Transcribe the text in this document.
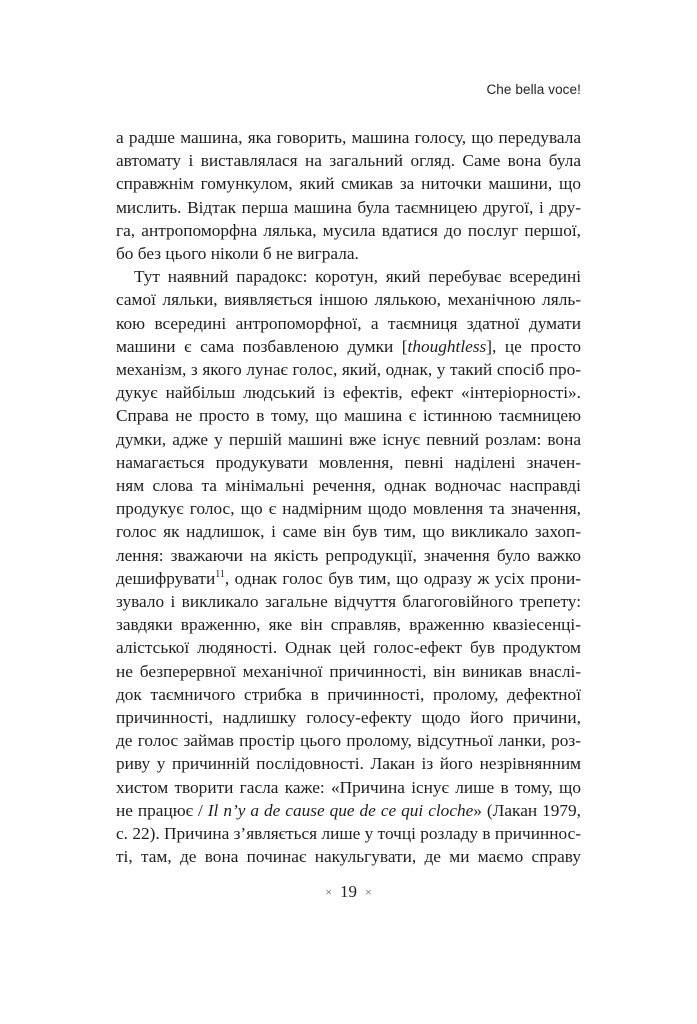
Che bella voce!

а радше машина, яка говорить, машина голосу, що передувала
автомату і виставлялася на загальний огляд. Саме вона була
справжнім гомункулом, який смикав за ниточки машини, що
мислить. Відтак перша машина була таємницею другої, і дру-
га, антропоморфна лялька, мусила вдатися до послуг першої,
бо без цього ніколи б не виграла.

Тут наявний парадокс: коротун, який перебуває всередині
самої ляльки, виявляється іншою лялькою, механічною ляль-
кою всередині антропоморфної, а таємниця здатної думати
машини є сама позбавленою думки [thoughtless], це просто
механізм, з якого лунає голос, який, однак, у такий спосіб про-
дукує найбільш людський із ефектів, ефект «інтеріорності».
Справа не просто в тому, що машина є істинною таємницею
думки, адже у першій машині вже існує певний розлам: вона
намагається продукувати мовлення, певні наділені значен-
ням слова та мінімальні речення, однак водночас насправді
продукує голос, що є надмірним щодо мовлення та значення,
голос як надлишок, і саме він був тим, що викликало захоп-
лення: зважаючи на якість репродукції, значення було важко
дешифрувати$^{11}$, однак голос був тим, що одразу ж усіх прони-
зувало і викликало загальне відчуття благоговійного трепету:
завдяки враженню, яке він справляв, враженню квазіесенці-
алістської людяності. Однак цей голос-ефект був продуктом
не безперервної механічної причинності, він виникав внаслі-
док таємничого стрибка в причинності, пролому, дефектної
причинності, надлишку голосу-ефекту щодо його причини,
де голос займав простір цього пролому, відсутньої ланки, роз-
риву у причинній послідовності. Лакан із його незрівнянним
хистом творити гасла каже: «Причина існує лише в тому, що
не працює / Il n’y a de cause que de ce qui cloche» (Лакан 1979,
с. 22). Причина з’являється лише у точці розладу в причиннос-
ті, там, де вона починає накульгувати, де ми маємо справу

× 19 ×
